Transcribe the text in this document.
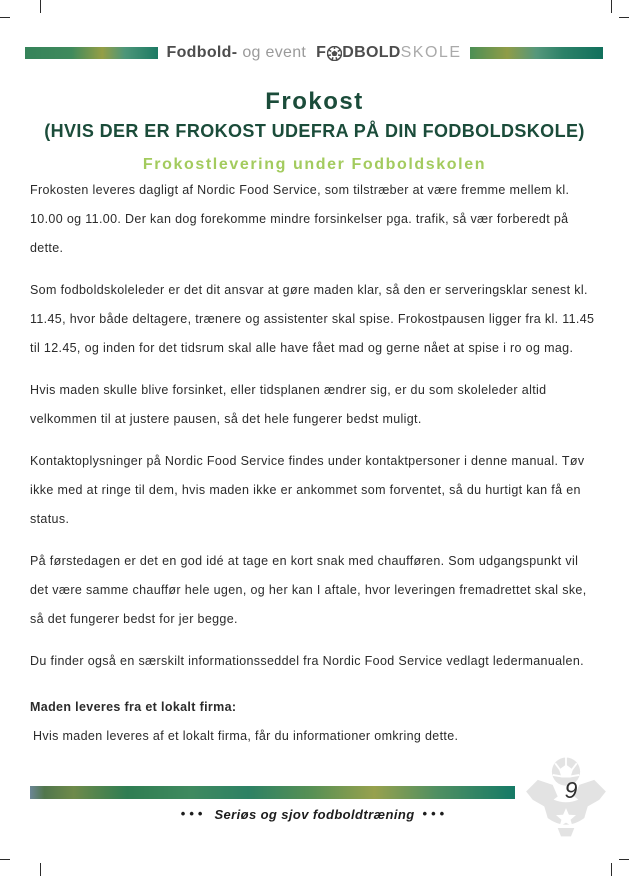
Fodbold- og event F DBOLD SKOLE
Frokost
(HVIS DER ER FROKOST UDEFRA PÅ DIN FODBOLDSKOLE)
Frokostlevering under Fodboldskolen

Frokosten leveres dagligt af Nordic Food Service, som tilstræber at være fremme mellem kl. 10.00 og 11.00. Der kan dog forekomme mindre forsinkelser pga. trafik, så vær forberedt på dette.

Som fodboldskoleleder er det dit ansvar at gøre maden klar, så den er serveringsklar senest kl. 11.45, hvor både deltagere, trænere og assistenter skal spise. Frokostpausen ligger fra kl. 11.45 til 12.45, og inden for det tidsrum skal alle have fået mad og gerne nået at spise i ro og mag.

Hvis maden skulle blive forsinket, eller tidsplanen ændrer sig, er du som skoleleder altid velkommen til at justere pausen, så det hele fungerer bedst muligt.

Kontaktoplysninger på Nordic Food Service findes under kontaktpersoner i denne manual. Tøv ikke med at ringe til dem, hvis maden ikke er ankommet som forventet, så du hurtigt kan få en status.

På førstedagen er det en god idé at tage en kort snak med chaufføren. Som udgangspunkt vil det være samme chauffør hele ugen, og her kan I aftale, hvor leveringen fremadrettet skal ske, så det fungerer bedst for jer begge.

Du finder også en særskilt informationsseddel fra Nordic Food Service vedlagt ledermanualen.

Maden leveres fra et lokalt firma:

Hvis maden leveres af et lokalt firma, får du informationer omkring dette.

9
••• Seriøs og sjov fodboldtræning •••
